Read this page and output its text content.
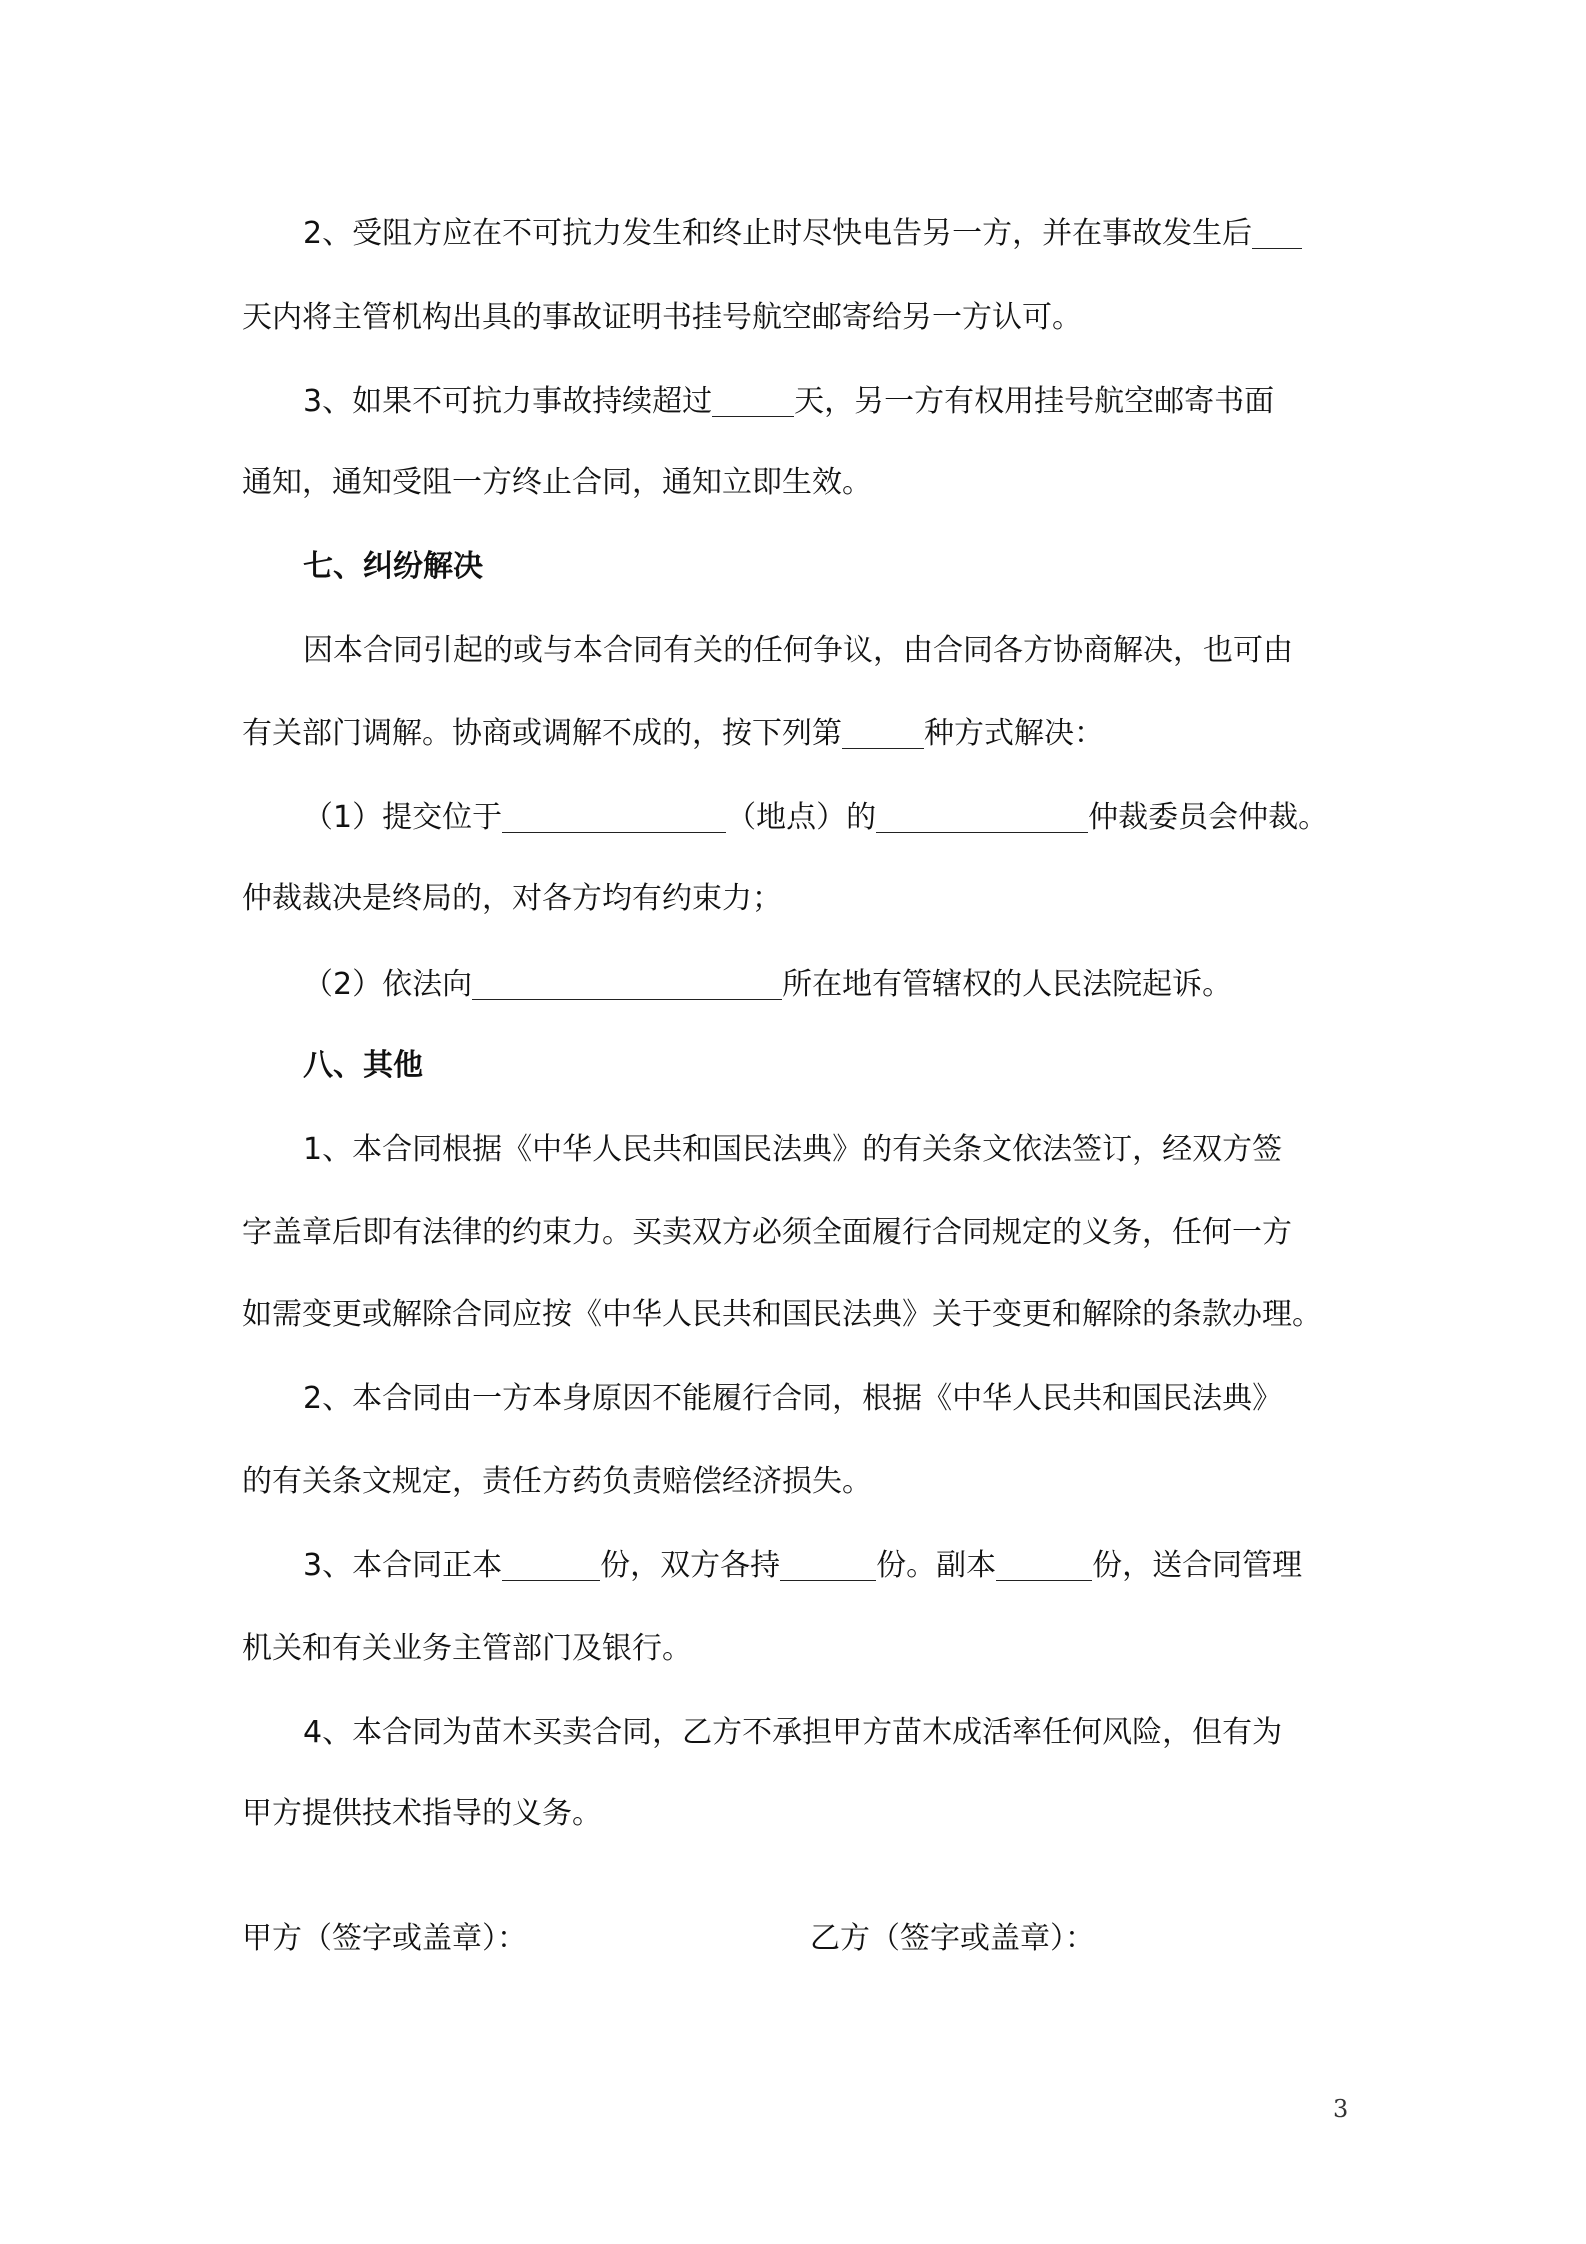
2、受阻方应在不可抗力发生和终止时尽快电告另一方，并在事故发生后
天内将主管机构出具的事故证明书挂号航空邮寄给另一方认可。
3、如果不可抗力事故持续超过	天，另一方有权用挂号航空邮寄书面
通知，通知受阻一方终止合同，通知立即生效。
七、纠纷解决
因本合同引起的或与本合同有关的任何争议，由合同各方协商解决，也可由
有关部门调解。协商或调解不成的，按下列第	种方式解决：
（1）提交位于	（地点）的	仲裁委员会仲裁。
仲裁裁决是终局的，对各方均有约束力；
（2）依法向	所在地有管辖权的人民法院起诉。
八、其他
1、本合同根据《中华人民共和国民法典》的有关条文依法签订，经双方签
字盖章后即有法律的约束力。买卖双方必须全面履行合同规定的义务，任何一方
如需变更或解除合同应按《中华人民共和国民法典》关于变更和解除的条款办理。
2、本合同由一方本身原因不能履行合同，根据《中华人民共和国民法典》
的有关条文规定，责任方药负责赔偿经济损失。
3、本合同正本	份，双方各持	份。副本	份，送合同管理
机关和有关业务主管部门及银行。
4、本合同为苗木买卖合同，乙方不承担甲方苗木成活率任何风险，但有为
甲方提供技术指导的义务。
甲方（签字或盖章）：	乙方（签字或盖章）：
3
